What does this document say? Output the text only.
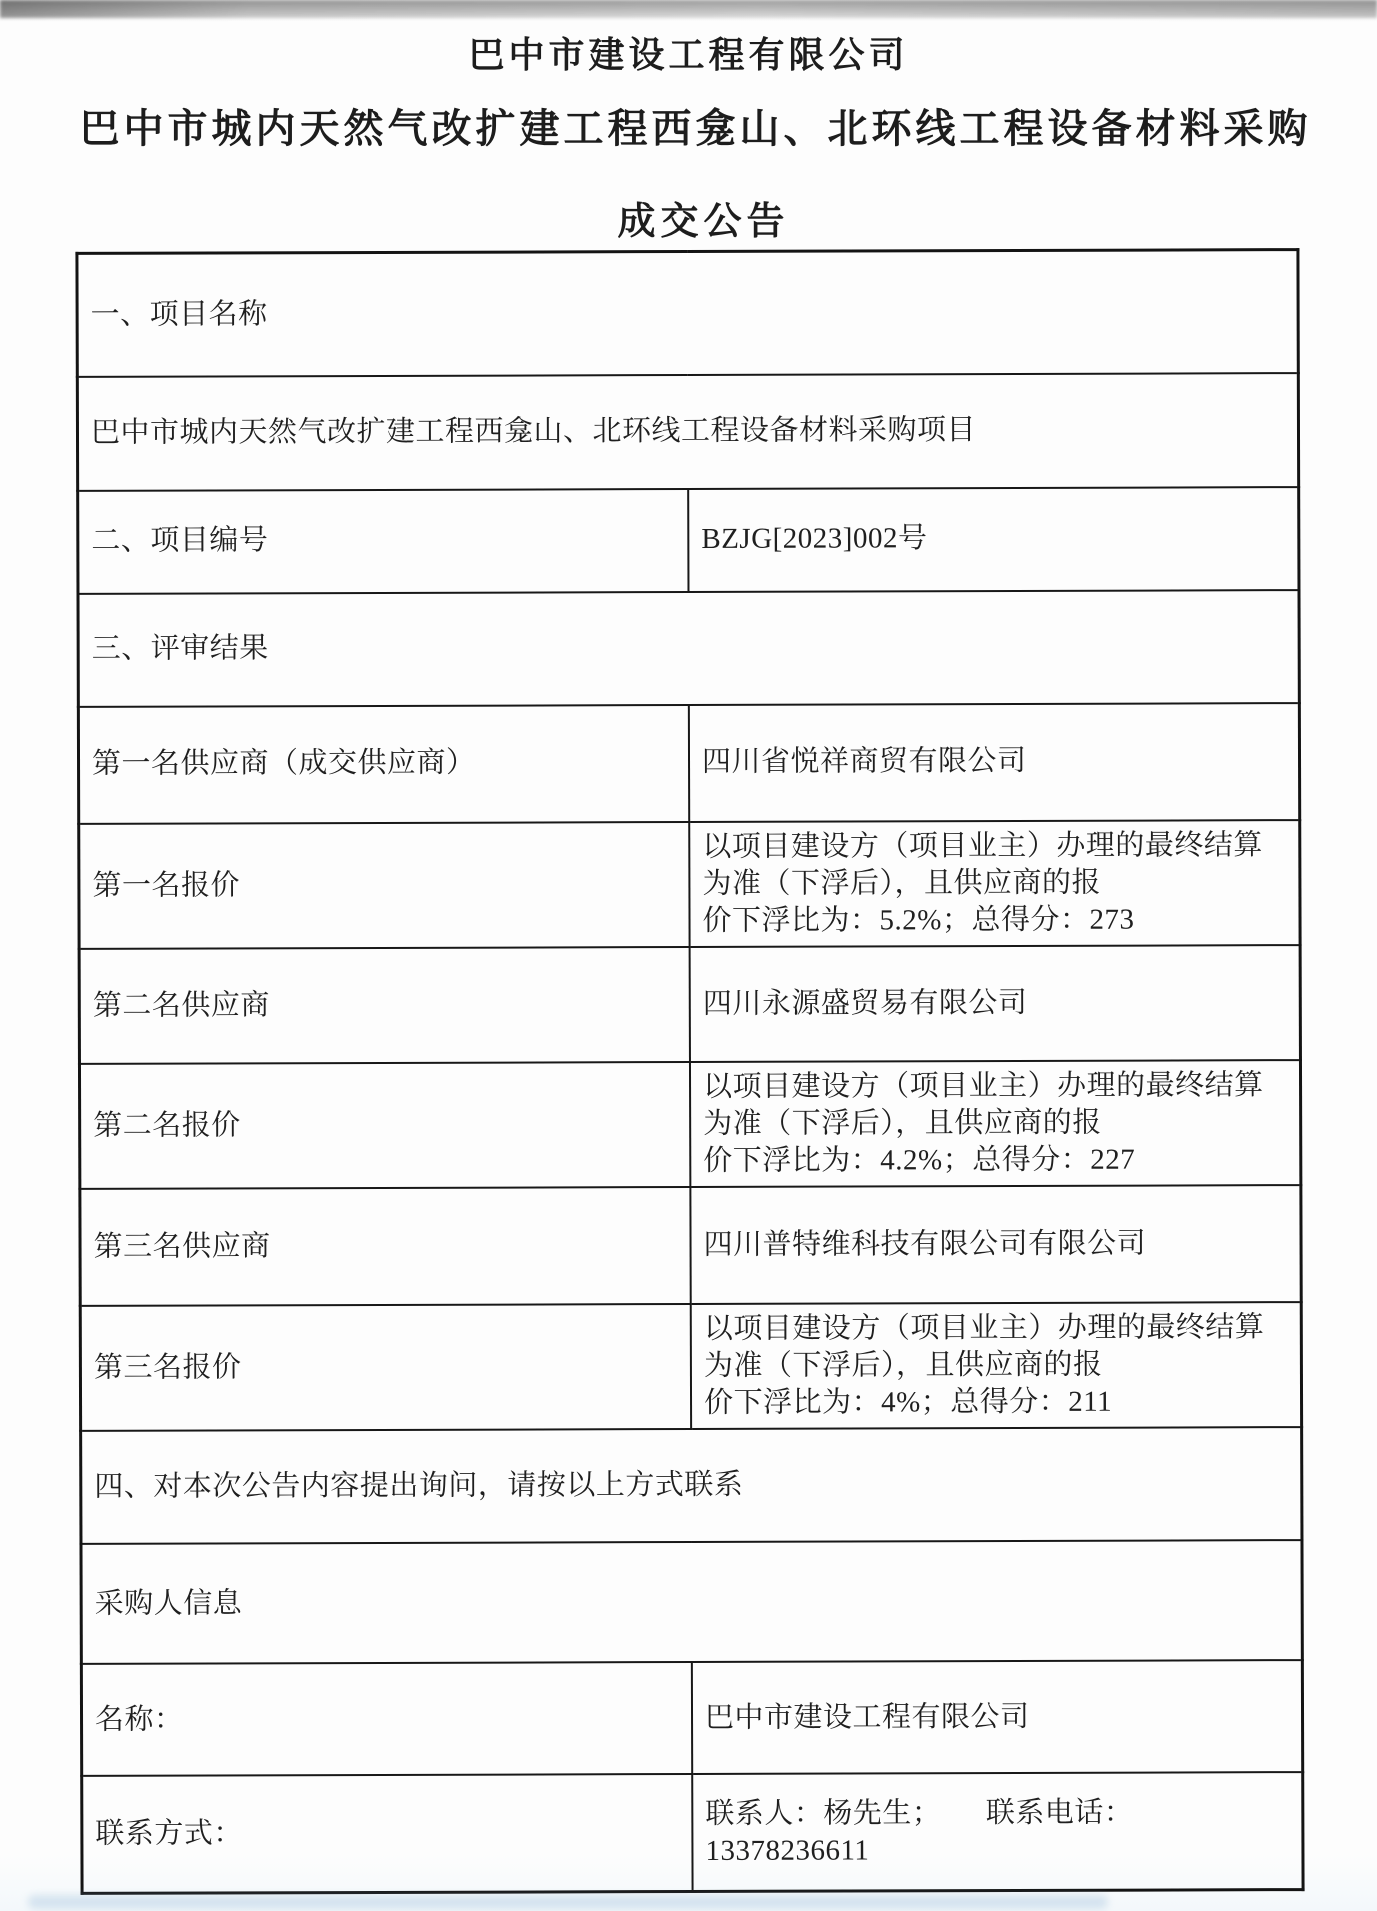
巴中市建设工程有限公司
巴中市城内天然气改扩建工程西龛山、北环线工程设备材料采购
成交公告
一、项目名称	
巴中市城内天然气改扩建工程西龛山、北环线工程设备材料采购项目	
二、项目编号	BZJG[2023]002号
三、评审结果	
第一名供应商（成交供应商）	四川省悦祥商贸有限公司
第一名报价	以项目建设方（项目业主）办理的最终结算为准（下浮后），且供应商的报
价下浮比为：5.2%；总得分：273

第二名供应商	四川永源盛贸易有限公司
第二名报价	以项目建设方（项目业主）办理的最终结算为准（下浮后），且供应商的报
价下浮比为：4.2%；总得分：227

第三名供应商	四川普特维科技有限公司有限公司
第三名报价	以项目建设方（项目业主）办理的最终结算为准（下浮后），且供应商的报
价下浮比为：4%；总得分：211

四、对本次公告内容提出询问，请按以上方式联系	
采购人信息	
名称：	巴中市建设工程有限公司
联系方式：	联系人：杨先生；　　联系电话：13378236611
